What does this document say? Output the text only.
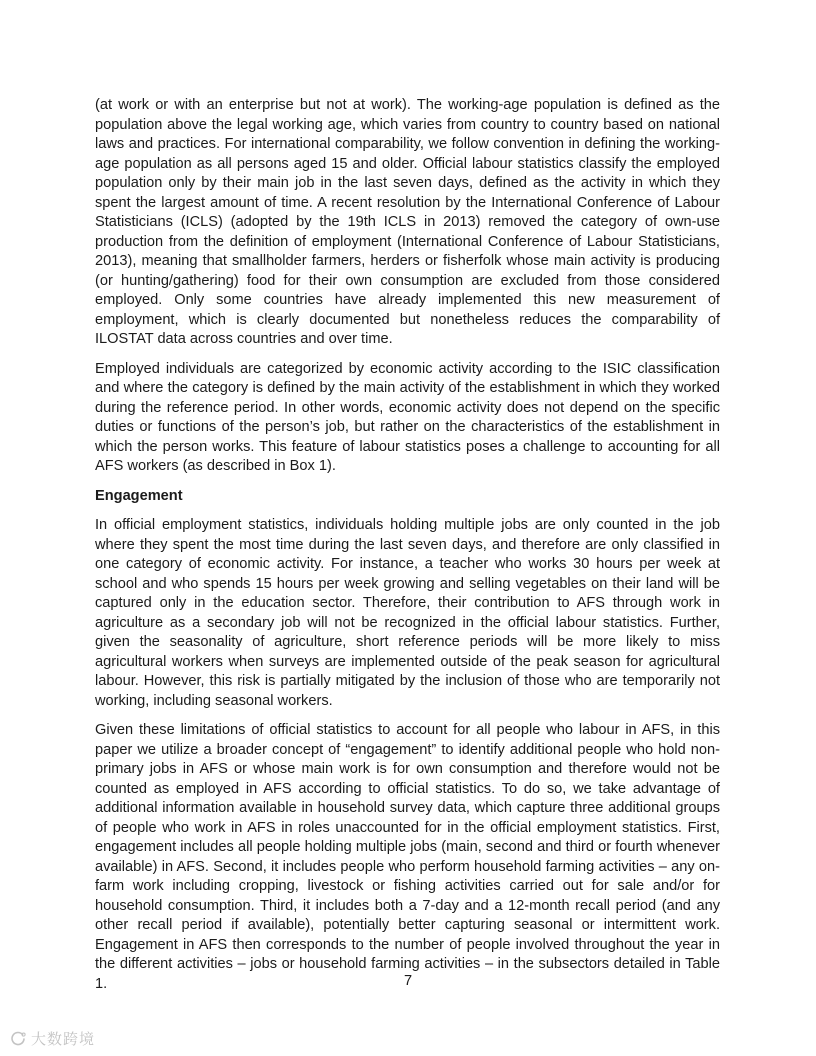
(at work or with an enterprise but not at work). The working-age population is defined as the population above the legal working age, which varies from country to country based on national laws and practices. For international comparability, we follow convention in defining the working-age population as all persons aged 15 and older. Official labour statistics classify the employed population only by their main job in the last seven days, defined as the activity in which they spent the largest amount of time. A recent resolution by the International Conference of Labour Statisticians (ICLS) (adopted by the 19th ICLS in 2013) removed the category of own-use production from the definition of employment (International Conference of Labour Statisticians, 2013), meaning that smallholder farmers, herders or fisherfolk whose main activity is producing (or hunting/gathering) food for their own consumption are excluded from those considered employed. Only some countries have already implemented this new measurement of employment, which is clearly documented but nonetheless reduces the comparability of ILOSTAT data across countries and over time.

Employed individuals are categorized by economic activity according to the ISIC classification and where the category is defined by the main activity of the establishment in which they worked during the reference period. In other words, economic activity does not depend on the specific duties or functions of the person’s job, but rather on the characteristics of the establishment in which the person works. This feature of labour statistics poses a challenge to accounting for all AFS workers (as described in Box 1).

Engagement

In official employment statistics, individuals holding multiple jobs are only counted in the job where they spent the most time during the last seven days, and therefore are only classified in one category of economic activity. For instance, a teacher who works 30 hours per week at school and who spends 15 hours per week growing and selling vegetables on their land will be captured only in the education sector. Therefore, their contribution to AFS through work in agriculture as a secondary job will not be recognized in the official labour statistics. Further, given the seasonality of agriculture, short reference periods will be more likely to miss agricultural workers when surveys are implemented outside of the peak season for agricultural labour. However, this risk is partially mitigated by the inclusion of those who are temporarily not working, including seasonal workers.

Given these limitations of official statistics to account for all people who labour in AFS, in this paper we utilize a broader concept of “engagement” to identify additional people who hold non-primary jobs in AFS or whose main work is for own consumption and therefore would not be counted as employed in AFS according to official statistics. To do so, we take advantage of additional information available in household survey data, which capture three additional groups of people who work in AFS in roles unaccounted for in the official employment statistics. First, engagement includes all people holding multiple jobs (main, second and third or fourth whenever available) in AFS. Second, it includes people who perform household farming activities – any on-farm work including cropping, livestock or fishing activities carried out for sale and/or for household consumption. Third, it includes both a 7-day and a 12-month recall period (and any other recall period if available), potentially better capturing seasonal or intermittent work. Engagement in AFS then corresponds to the number of people involved throughout the year in the different activities – jobs or household farming activities – in the subsectors detailed in Table 1.	7
大数跨境
